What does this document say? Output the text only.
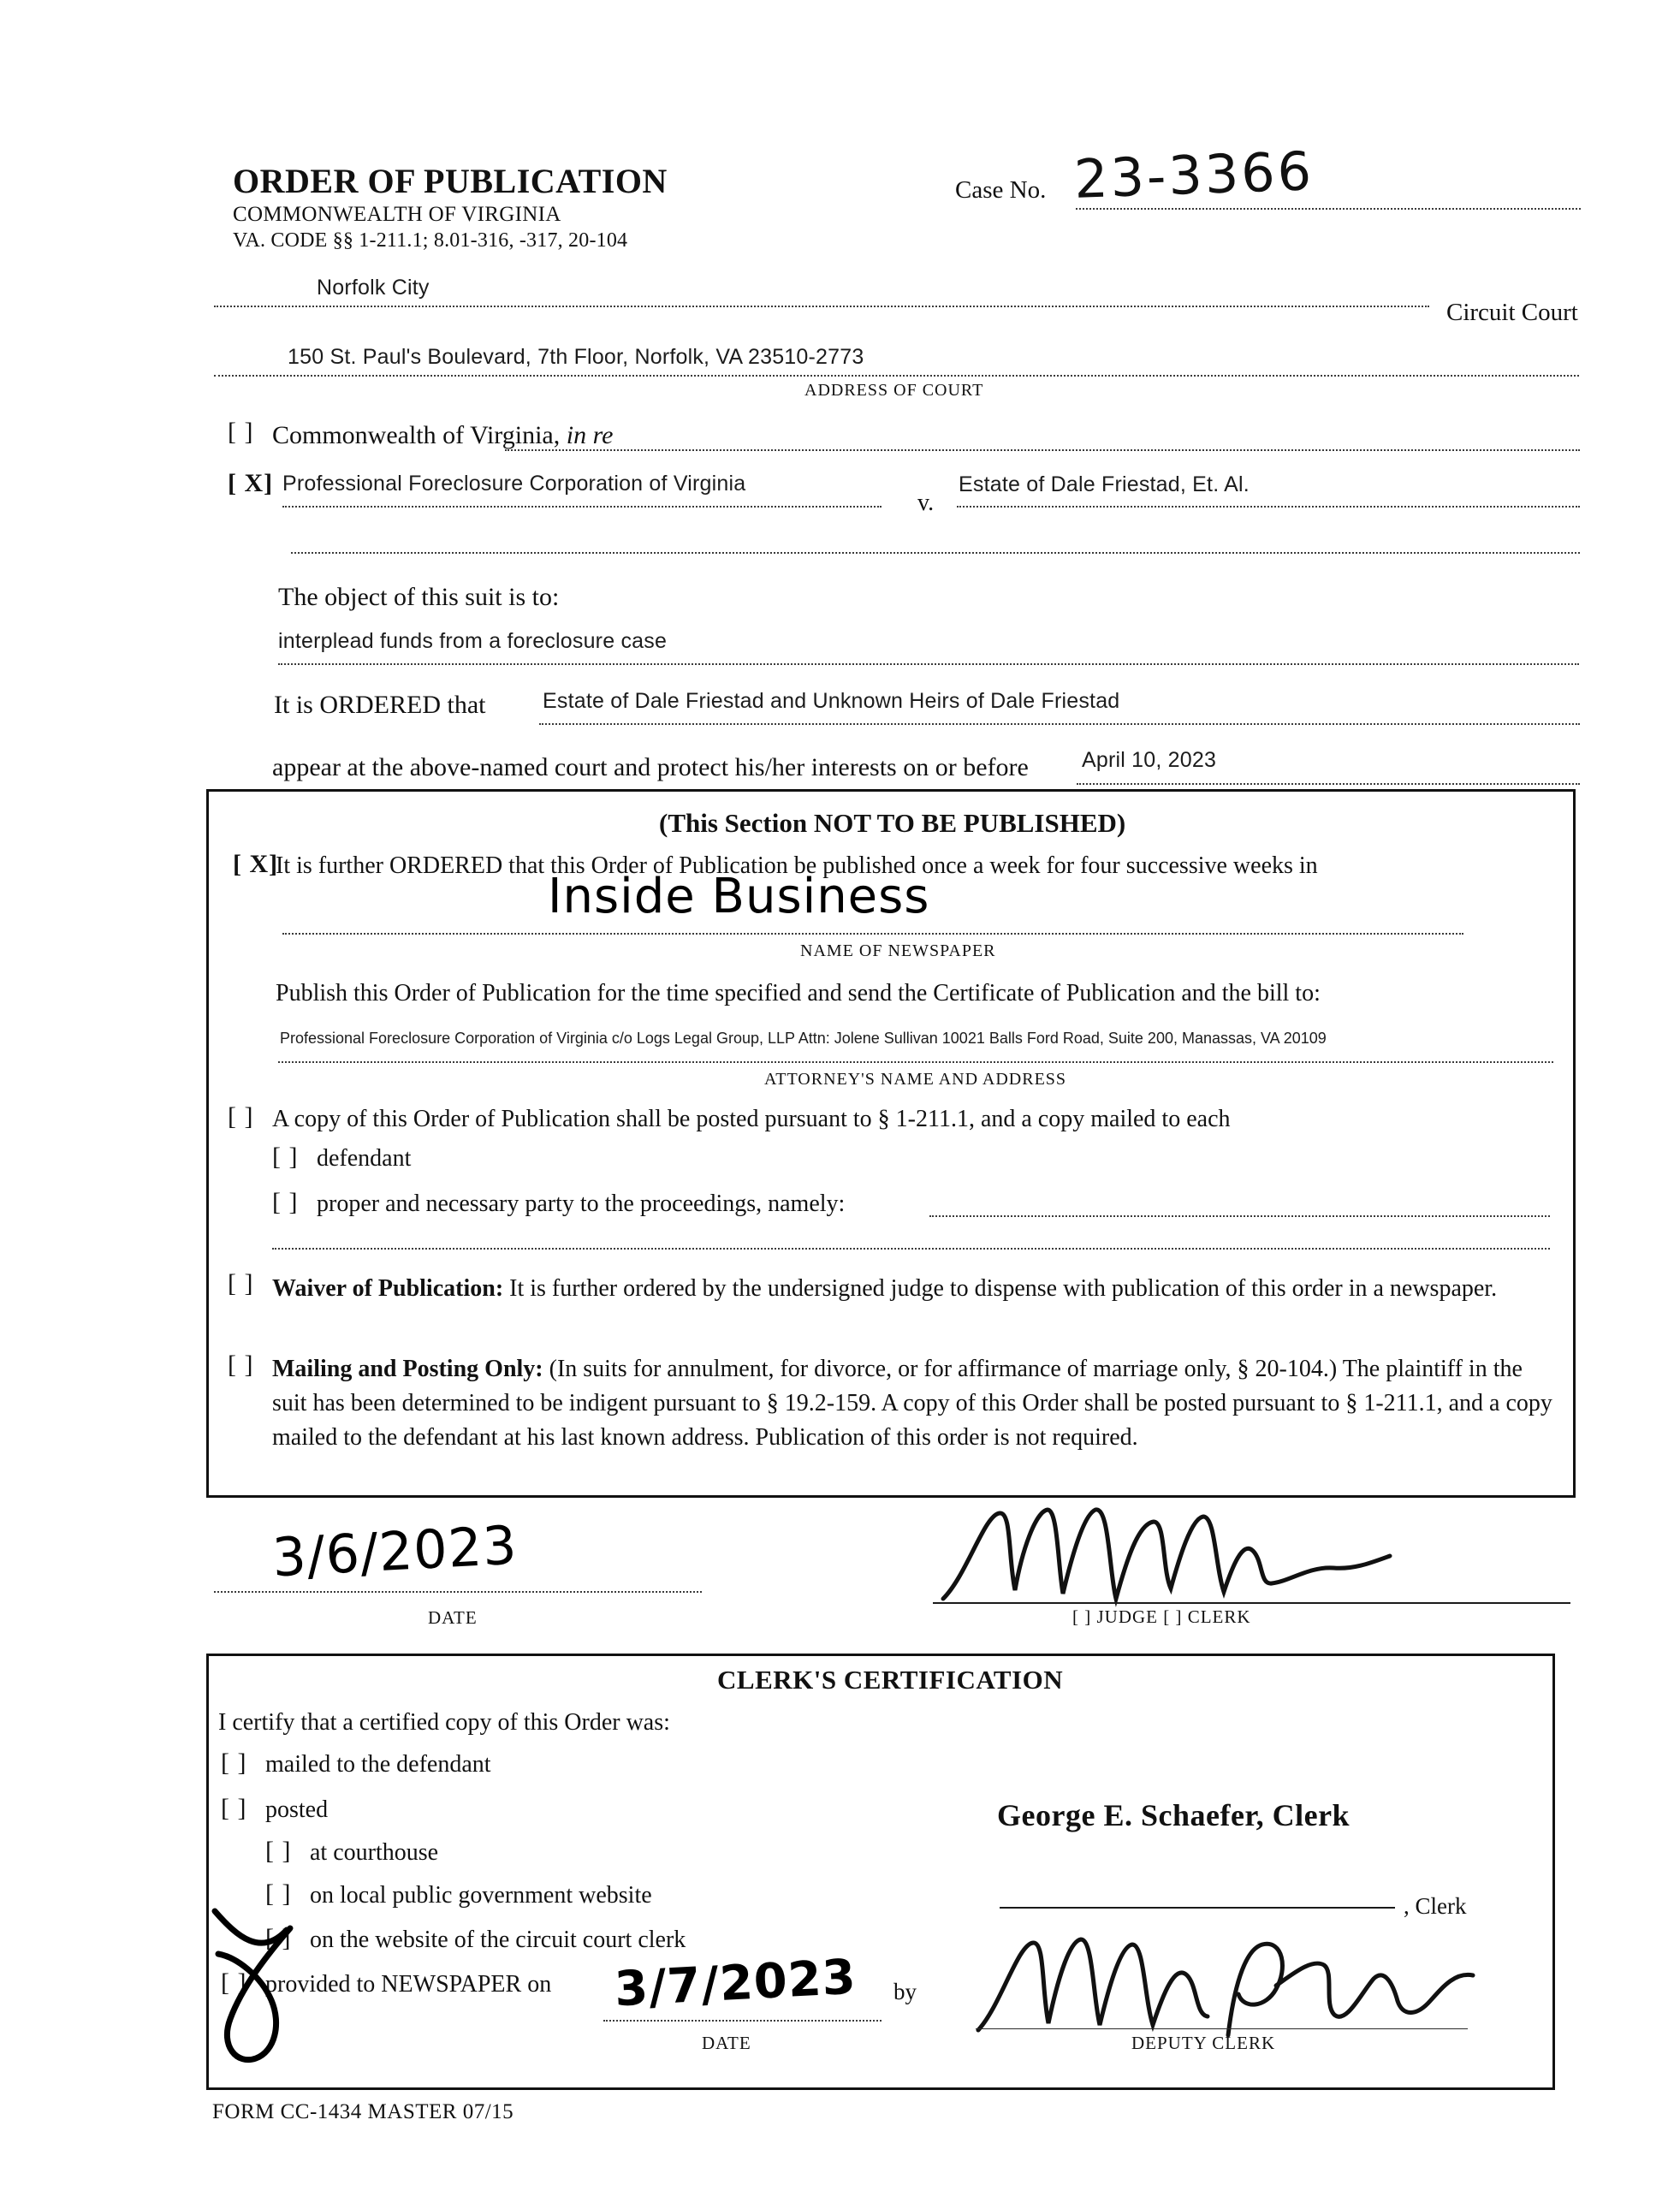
ORDER OF PUBLICATION
COMMONWEALTH OF VIRGINIA
VA. CODE §§ 1-211.1; 8.01-316, -317, 20-104
Case No. 23-3366
Norfolk City
Circuit Court
150 St. Paul's Boulevard, 7th Floor, Norfolk, VA 23510-2773
ADDRESS OF COURT
[ ] Commonwealth of Virginia, in re
[ X] Professional Foreclosure Corporation of Virginia
v.
Estate of Dale Friestad, Et. Al.
The object of this suit is to:
interplead funds from a foreclosure case
It is ORDERED that	Estate of Dale Friestad and Unknown Heirs of Dale Friestad
appear at the above-named court and protect his/her interests on or before April 10, 2023
(This Section NOT TO BE PUBLISHED)
[ X]
It is further ORDERED that this Order of Publication be published once a week for four successive weeks in
Inside Business
NAME OF NEWSPAPER
Publish this Order of Publication for the time specified and send the Certificate of Publication and the bill to:
Professional Foreclosure Corporation of Virginia c/o Logs Legal Group, LLP Attn: Jolene Sullivan 10021 Balls Ford Road, Suite 200, Manassas, VA 20109
ATTORNEY'S NAME AND ADDRESS
[ ] A copy of this Order of Publication shall be posted pursuant to § 1-211.1, and a copy mailed to each
[ ] defendant
[ ] proper and necessary party to the proceedings, namely:
[ ] Waiver of Publication: It is further ordered by the undersigned judge to dispense with publication of this order in a newspaper.
[ ] Mailing and Posting Only: (In suits for annulment, for divorce, or for affirmance of marriage only, § 20-104.) The plaintiff in the suit has been determined to be indigent pursuant to § 19.2-159. A copy of this Order shall be posted pursuant to § 1-211.1, and a copy mailed to the defendant at his last known address. Publication of this order is not required.
3/6/2023
DATE	[ ] JUDGE [ ] CLERK
CLERK'S CERTIFICATION
I certify that a certified copy of this Order was:
[ ] mailed to the defendant
[ ] posted
[ ] at courthouse
[ ] on local public government website
[ ] on the website of the circuit court clerk
[ ] provided to NEWSPAPER on
George E. Schaefer, Clerk
, Clerk
3/7/2023 by
DATE	DEPUTY CLERK
FORM CC-1434 MASTER 07/15
